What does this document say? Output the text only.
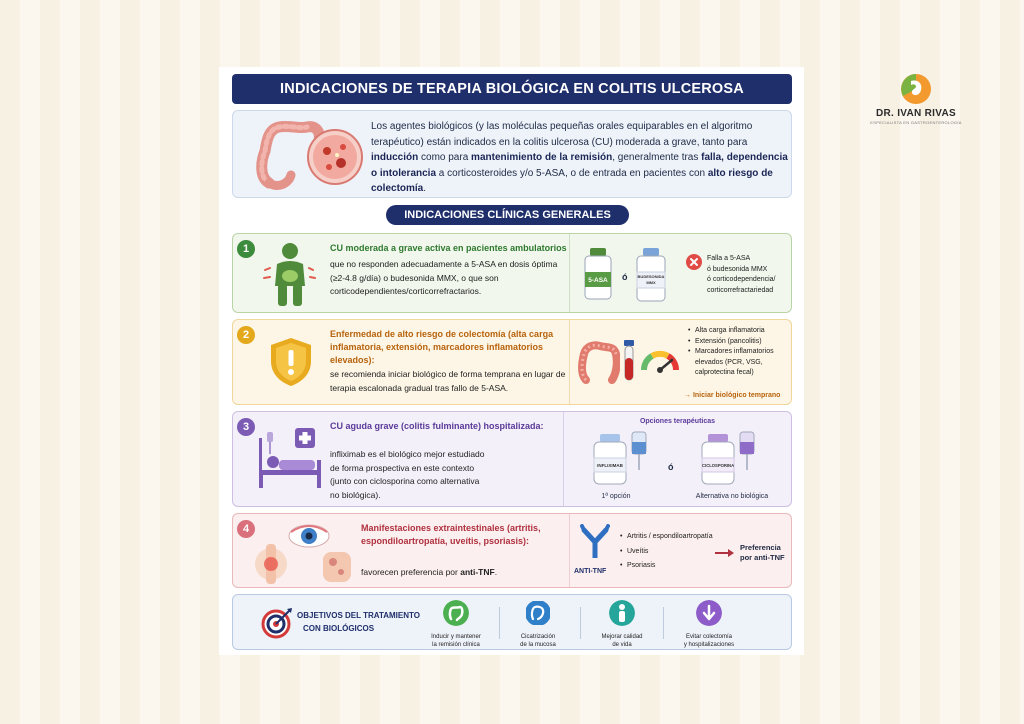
DR. IVAN RIVAS
ESPECIALISTA EN GASTROENTEROLOGÍA
INDICACIONES DE TERAPIA BIOLÓGICA EN COLITIS ULCEROSA
Los agentes biológicos (y las moléculas pequeñas orales equiparables en el algoritmo terapéutico) están indicados en la colitis ulcerosa (CU) moderada a grave, tanto para inducción como para mantenimiento de la remisión, generalmente tras falla, dependencia o intolerancia a corticosteroides y/o 5-ASA, o de entrada en pacientes con alto riesgo de colectomía.
INDICACIONES CLÍNICAS GENERALES
1	CU moderada a grave activa en pacientes ambulatorios
que no responden adecuadamente a 5-ASA en dosis óptima (≥2-4.8 g/día) o budesonida MMX, o que son corticodependientes/corticorrefractarios.
5-ASA	ó	BUDESONIDA
MMX
Falla a 5-ASA
ó budesonida MMX
ó corticodependencia/
corticorrefractariedad
2	Enfermedad de alto riesgo de colectomía (alta carga inflamatoria, extensión, marcadores inflamatorios elevados):
se recomienda iniciar biológico de forma temprana en lugar de terapia escalonada gradual tras fallo de 5-ASA.
• Alta carga inflamatoria
• Extensión (pancolitis)
• Marcadores inflamatorios elevados (PCR, VSG, calprotectina fecal)
→ Iniciar biológico temprano
3	CU aguda grave (colitis fulminante) hospitalizada:
infliximab es el biológico mejor estudiado de forma prospectiva en este contexto (junto con ciclosporina como alternativa no biológica).
Opciones terapéuticas
INFLIXIMAB	ó	CICLOSPORINA
1ª opción	Alternativa no biológica
4	Manifestaciones extraintestinales (artritis, espondiloartropatía, uveítis, psoriasis):
favorecen preferencia por anti-TNF.	ANTI-TNF
• Artritis / espondiloartropatía
• Uveítis
• Psoriasis
Preferencia
por anti-TNF
OBJETIVOS DEL TRATAMIENTO
CON BIOLÓGICOS
Inducir y mantener
la remisión clínica
Cicatrización
de la mucosa
Mejorar calidad
de vida
Evitar colectomía
y hospitalizaciones
